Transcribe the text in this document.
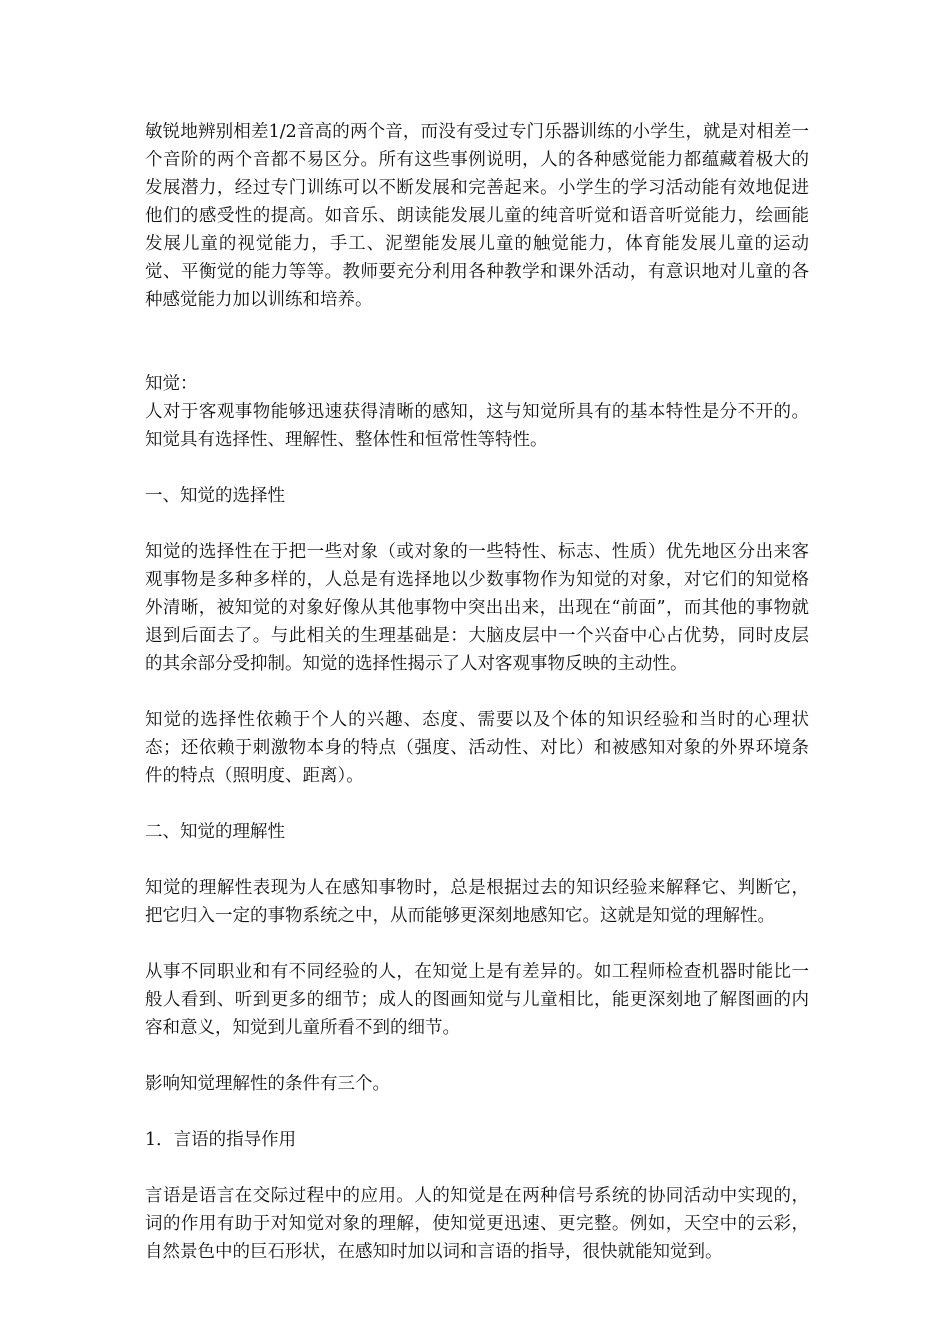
敏锐地辨别相差1/2音高的两个音，而没有受过专门乐器训练的小学生，就是对相差一个音阶的两个音都不易区分。所有这些事例说明，人的各种感觉能力都蕴藏着极大的发展潜力，经过专门训练可以不断发展和完善起来。小学生的学习活动能有效地促进他们的感受性的提高。如音乐、朗读能发展儿童的纯音听觉和语音听觉能力，绘画能发展儿童的视觉能力，手工、泥塑能发展儿童的触觉能力，体育能发展儿童的运动觉、平衡觉的能力等等。教师要充分利用各种教学和课外活动，有意识地对儿童的各种感觉能力加以训练和培养。

知觉：

人对于客观事物能够迅速获得清晰的感知，这与知觉所具有的基本特性是分不开的。知觉具有选择性、理解性、整体性和恒常性等特性。

一、知觉的选择性

知觉的选择性在于把一些对象（或对象的一些特性、标志、性质）优先地区分出来客观事物是多种多样的，人总是有选择地以少数事物作为知觉的对象，对它们的知觉格外清晰，被知觉的对象好像从其他事物中突出出来，出现在“前面”，而其他的事物就退到后面去了。与此相关的生理基础是：大脑皮层中一个兴奋中心占优势，同时皮层的其余部分受抑制。知觉的选择性揭示了人对客观事物反映的主动性。

知觉的选择性依赖于个人的兴趣、态度、需要以及个体的知识经验和当时的心理状态；还依赖于刺激物本身的特点（强度、活动性、对比）和被感知对象的外界环境条件的特点（照明度、距离）。

二、知觉的理解性

知觉的理解性表现为人在感知事物时，总是根据过去的知识经验来解释它、判断它，把它归入一定的事物系统之中，从而能够更深刻地感知它。这就是知觉的理解性。

从事不同职业和有不同经验的人，在知觉上是有差异的。如工程师检查机器时能比一般人看到、听到更多的细节；成人的图画知觉与儿童相比，能更深刻地了解图画的内容和意义，知觉到儿童所看不到的细节。

影响知觉理解性的条件有三个。

1．言语的指导作用

言语是语言在交际过程中的应用。人的知觉是在两种信号系统的协同活动中实现的，词的作用有助于对知觉对象的理解，使知觉更迅速、更完整。例如，天空中的云彩，自然景色中的巨石形状，在感知时加以词和言语的指导，很快就能知觉到。
